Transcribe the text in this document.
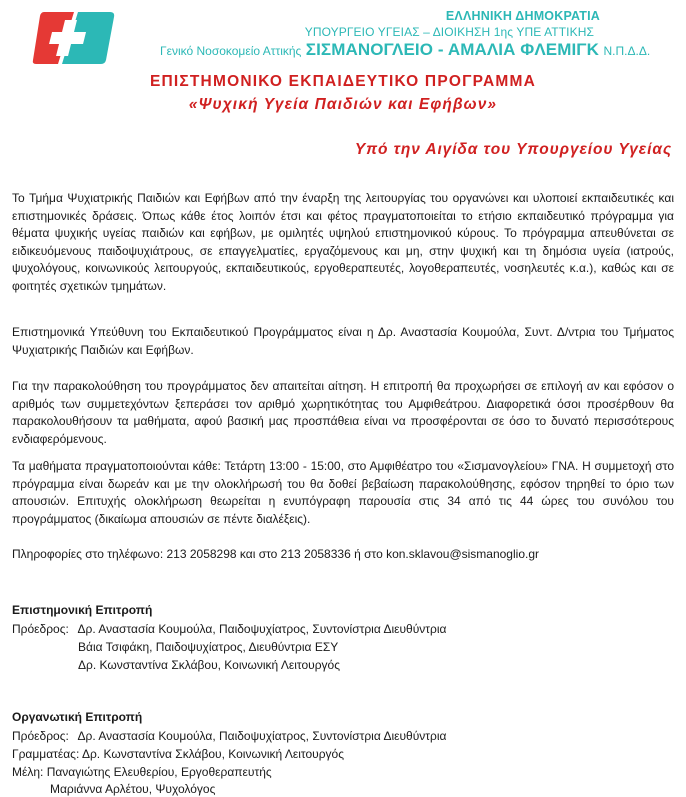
ΕΛΛΗΝΙΚΗ ΔΗΜΟΚΡΑΤΙΑ

ΥΠΟΥΡΓΕΙΟ ΥΓΕΙΑΣ – ΔΙΟΙΚΗΣΗ 1ης ΥΠΕ ΑΤΤΙΚΗΣ

Γενικό Νοσοκομείο Αττικής ΣΙΣΜΑΝΟΓΛΕΙΟ - ΑΜΑΛΙΑ ΦΛΕΜΙΓΚ Ν.Π.Δ.Δ.

ΕΠΙΣΤΗΜΟΝΙΚΟ ΕΚΠΑΙΔΕΥΤΙΚΟ ΠΡΟΓΡΑΜΜΑ
«Ψυχική Υγεία Παιδιών και Εφήβων»

Υπό την Αιγίδα του Υπουργείου Υγείας

Το Τμήμα Ψυχιατρικής Παιδιών και Εφήβων από την έναρξη της λειτουργίας του οργανώνει και υλοποιεί εκπαιδευτικές και επιστημονικές δράσεις. Όπως κάθε έτος λοιπόν έτσι και φέτος πραγματοποιείται το ετήσιο εκπαιδευτικό πρόγραμμα για θέματα ψυχικής υγείας παιδιών και εφήβων, με ομιλητές υψηλού επιστημονικού κύρους. Το πρόγραμμα απευθύνεται σε ειδικευόμενους παιδοψυχιάτρους, σε επαγγελματίες, εργαζόμενους και μη, στην ψυχική και τη δημόσια υγεία (ιατρούς, ψυχολόγους, κοινωνικούς λειτουργούς, εκπαιδευτικούς, εργοθεραπευτές, λογοθεραπευτές, νοσηλευτές κ.α.), καθώς και σε φοιτητές σχετικών τμημάτων.

Επιστημονικά Υπεύθυνη του Εκπαιδευτικού Προγράμματος είναι η Δρ. Αναστασία Κουμούλα, Συντ. Δ/ντρια του Τμήματος Ψυχιατρικής Παιδιών και Εφήβων.

Για την παρακολούθηση του προγράμματος δεν απαιτείται αίτηση. Η επιτροπή θα προχωρήσει σε επιλογή αν και εφόσον ο αριθμός των συμμετεχόντων ξεπεράσει τον αριθμό χωρητικότητας του Αμφιθεάτρου. Διαφορετικά όσοι προσέρθουν θα παρακολουθήσουν τα μαθήματα, αφού βασική μας προσπάθεια είναι να προσφέρονται σε όσο το δυνατό περισσότερους ενδιαφερόμενους.

Τα μαθήματα πραγματοποιούνται κάθε: Τετάρτη 13:00 - 15:00, στο Αμφιθέατρο του «Σισμανογλείου» ΓΝΑ. Η συμμετοχή στο πρόγραμμα είναι δωρεάν και με την ολοκλήρωσή του θα δοθεί βεβαίωση παρακολούθησης, εφόσον τηρηθεί το όριο των απουσιών. Επιτυχής ολοκλήρωση θεωρείται η ενυπόγραφη παρουσία στις 34 από τις 44 ώρες του συνόλου του προγράμματος (δικαίωμα απουσιών σε πέντε διαλέξεις).

Πληροφορίες στο τηλέφωνο: 213 2058298 και στο 213 2058336 ή στο kon.sklavou@sismanoglio.gr

Επιστημονική Επιτροπή

Πρόεδρος: Δρ. Αναστασία Κουμούλα, Παιδοψυχίατρος, Συντονίστρια Διευθύντρια

Βάια Τσιφάκη, Παιδοψυχίατρος, Διευθύντρια ΕΣΥ

Δρ. Κωνσταντίνα Σκλάβου, Κοινωνική Λειτουργός

Οργανωτική Επιτροπή

Πρόεδρος: Δρ. Αναστασία Κουμούλα, Παιδοψυχίατρος, Συντονίστρια Διευθύντρια

Γραμματέας: Δρ. Κωνσταντίνα Σκλάβου, Κοινωνική Λειτουργός

Μέλη: Παναγιώτης Ελευθερίου, Εργοθεραπευτής

Μαριάννα Αρλέτου, Ψυχολόγος
